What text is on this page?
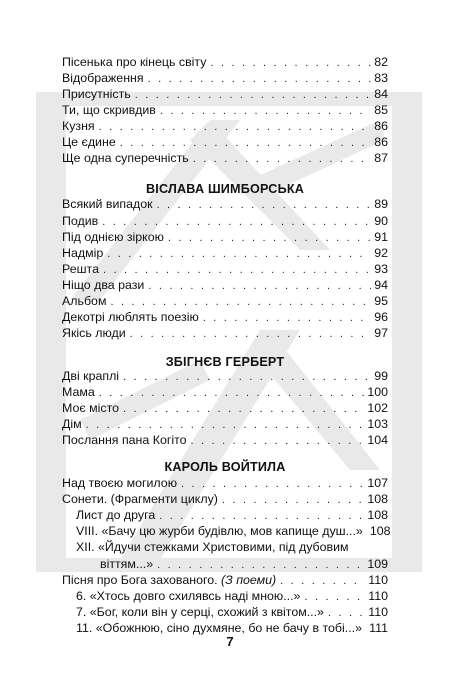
Пісенька про кінець світу . . .	82
Відображення . . .	83
Присутність . . .	84
Ти, що скривдив . . .	85
Кузня . . .	86
Це єдине . . .	86
Ще одна суперечність . . .	87
ВІСЛАВА ШИМБОРСЬКА
Всякий випадок . . .	89
Подив . . .	90
Під однією зіркою . . .	91
Надмір . . .	92
Решта . . .	93
Ніщо два рази . . .	94
Альбом . . .	95
Декотрі люблять поезію . . .	96
Якісь люди . . .	97
ЗБІГНЄВ ГЕРБЕРТ
Дві краплі . . .	99
Мама . . .	100
Моє місто . . .	102
Дім . . .	103
Послання пана Когіто . . .	104
КАРОЛЬ ВОЙТИЛА
Над твоєю могилою . . .	107
Сонети. (Фрагменти циклу) . . .	108
Лист до друга . . .	108
VIII. «Бачу цю журби будівлю, мов капище душ...» 108
XII. «Йдучи стежками Христовими, під дубовим
віттям...» . . .	109
Пісня про Бога захованого. (З поеми) . . .	110
6. «Хтось довго схилявсь наді мною...» . . .	110
7. «Бог, коли він у серці, схожий з квітом...» . . .	110
11. «Обожнюю, сіно духмяне, бо не бачу в тобі...» . . . 111
7
